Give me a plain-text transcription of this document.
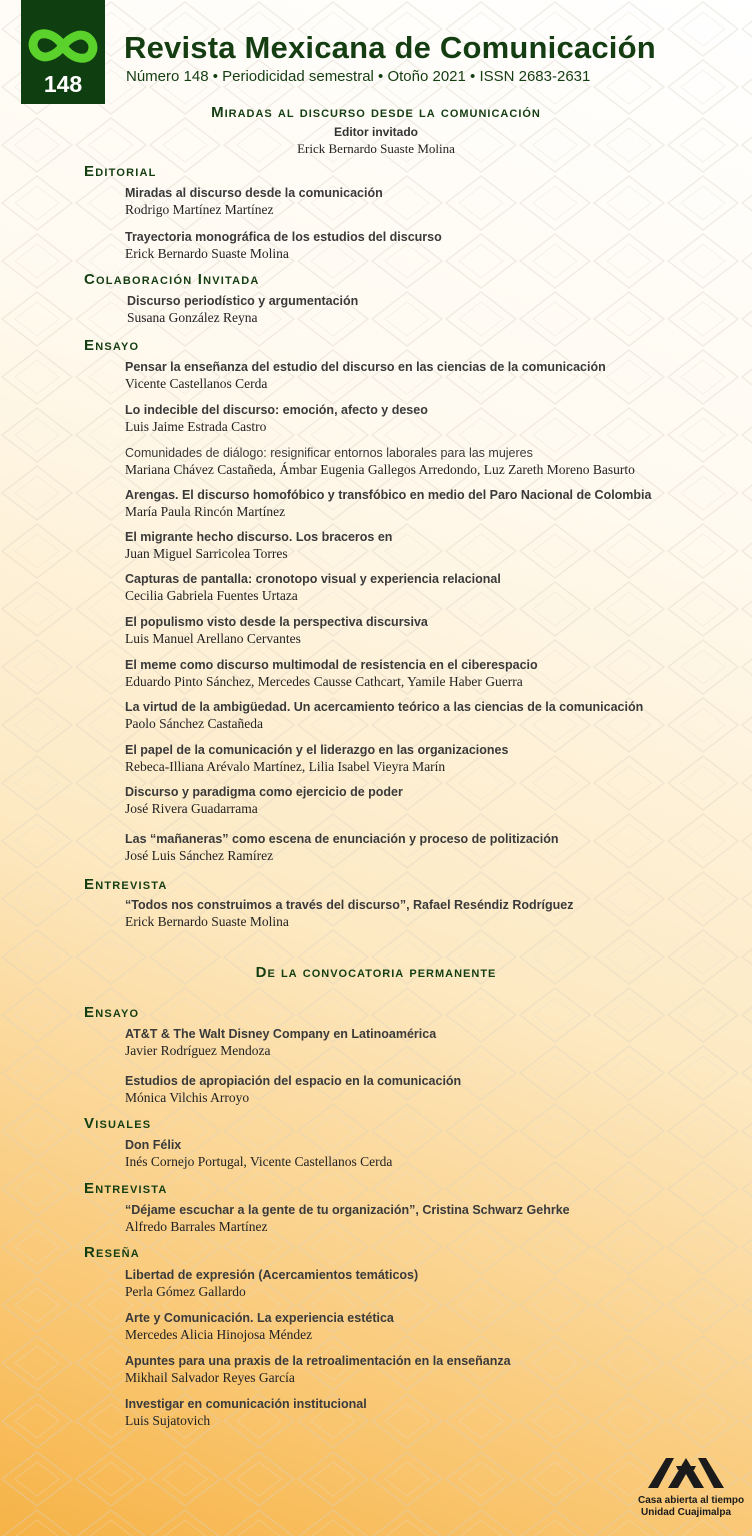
148
Revista Mexicana de Comunicación
Número 148 • Periodicidad semestral • Otoño 2021 • ISSN 2683-2631
Miradas al discurso desde la comunicación
Editor invitado
Erick Bernardo Suaste Molina
Editorial
Miradas al discurso desde la comunicación
Rodrigo Martínez Martínez
Trayectoria monográfica de los estudios del discurso
Erick Bernardo Suaste Molina
Colaboración Invitada
Discurso periodístico y argumentación
Susana González Reyna
Ensayo
Pensar la enseñanza del estudio del discurso en las ciencias de la comunicación
Vicente Castellanos Cerda
Lo indecible del discurso: emoción, afecto y deseo
Luis Jaime Estrada Castro
Comunidades de diálogo: resignificar entornos laborales para las mujeres
Mariana Chávez Castañeda, Ámbar Eugenia Gallegos Arredondo, Luz Zareth Moreno Basurto
Arengas. El discurso homofóbico y transfóbico en medio del Paro Nacional de Colombia
María Paula Rincón Martínez
El migrante hecho discurso. Los braceros en
Juan Miguel Sarricolea Torres
Capturas de pantalla: cronotopo visual y experiencia relacional
Cecilia Gabriela Fuentes Urtaza
El populismo visto desde la perspectiva discursiva
Luis Manuel Arellano Cervantes
El meme como discurso multimodal de resistencia en el ciberespacio
Eduardo Pinto Sánchez, Mercedes Causse Cathcart, Yamile Haber Guerra
La virtud de la ambigüedad. Un acercamiento teórico a las ciencias de la comunicación
Paolo Sánchez Castañeda
El papel de la comunicación y el liderazgo en las organizaciones
Rebeca-Illiana Arévalo Martínez, Lilia Isabel Vieyra Marín
Discurso y paradigma como ejercicio de poder
José Rivera Guadarrama
Las “mañaneras” como escena de enunciación y proceso de politización
José Luis Sánchez Ramírez
Entrevista
“Todos nos construimos a través del discurso”, Rafael Reséndiz Rodríguez
Erick Bernardo Suaste Molina
De la convocatoria permanente
Ensayo
AT&T & The Walt Disney Company en Latinoamérica
Javier Rodríguez Mendoza
Estudios de apropiación del espacio en la comunicación
Mónica Vilchis Arroyo
Visuales
Don Félix
Inés Cornejo Portugal, Vicente Castellanos Cerda
Entrevista
“Déjame escuchar a la gente de tu organización”, Cristina Schwarz Gehrke
Alfredo Barrales Martínez
Reseña
Libertad de expresión (Acercamientos temáticos)
Perla Gómez Gallardo
Arte y Comunicación. La experiencia estética
Mercedes Alicia Hinojosa Méndez
Apuntes para una praxis de la retroalimentación en la enseñanza
Mikhail Salvador Reyes García
Investigar en comunicación institucional
Luis Sujatovich
Casa abierta al tiempo
Unidad Cuajimalpa
